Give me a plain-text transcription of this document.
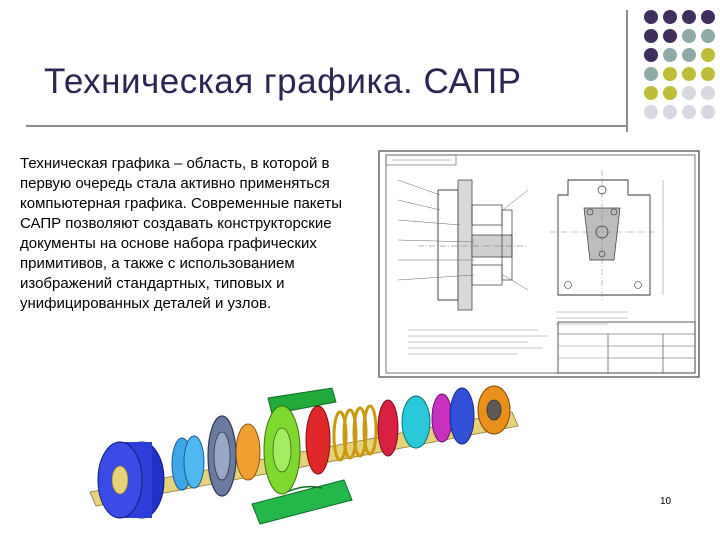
Техническая графика. САПР
Техническая графика – область, в которой в первую очередь стала активно применяться компьютерная графика. Современные пакеты САПР позволяют создавать конструкторские документы на основе набора графических примитивов, а также с использованием изображений стандартных, типовых и унифицированных деталей и узлов.
10
